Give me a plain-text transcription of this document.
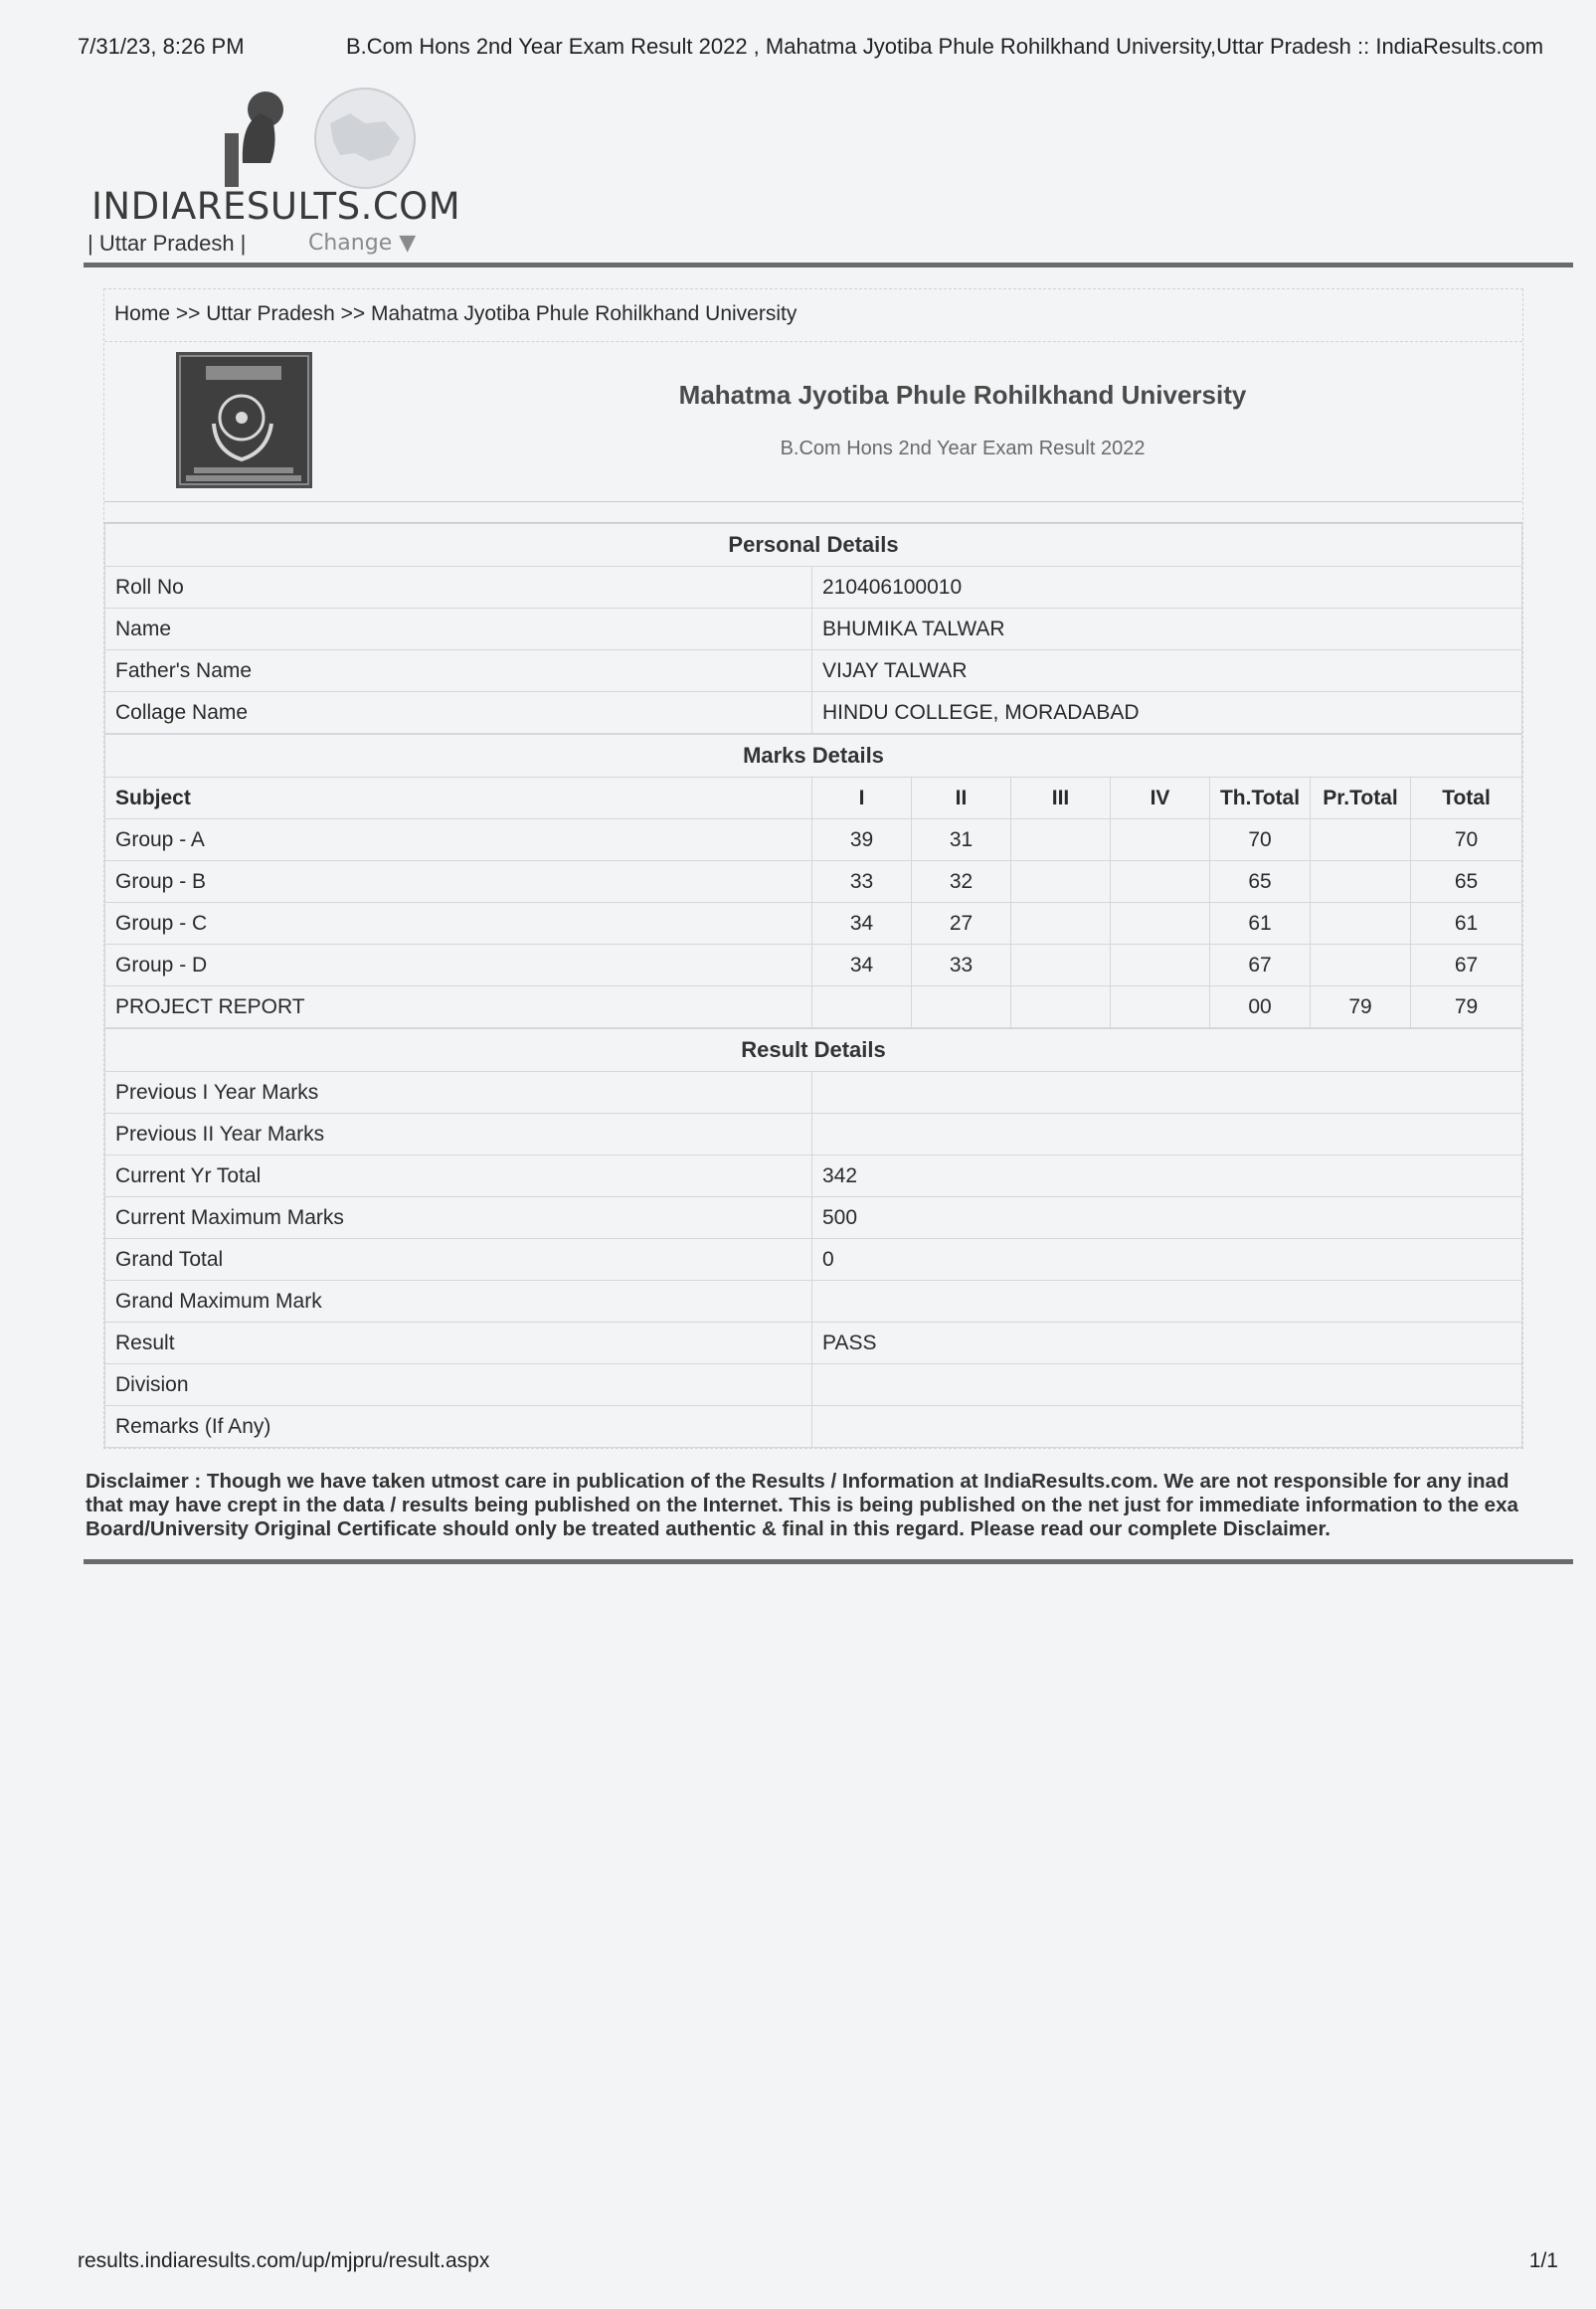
7/31/23, 8:26 PM	B.Com Hons 2nd Year Exam Result 2022 , Mahatma Jyotiba Phule Rohilkhand University,Uttar Pradesh :: IndiaResults.com
INDIARESULTS.COM
| Uttar Pradesh |	Change ▼
Home >> Uttar Pradesh >> Mahatma Jyotiba Phule Rohilkhand University
Mahatma Jyotiba Phule Rohilkhand University
B.Com Hons 2nd Year Exam Result 2022
Personal Details	
Roll No	210406100010
Name	BHUMIKA TALWAR
Father's Name	VIJAY TALWAR
Collage Name	HINDU COLLEGE, MORADABAD
Marks Details							
Subject	I	II	III	IV	Th.Total	Pr.Total	Total
Group - A	39	31			70		70
Group - B	33	32			65		65
Group - C	34	27			61		61
Group - D	34	33			67		67
PROJECT REPORT					00	79	79
Result Details	
Previous I Year Marks	
Previous II Year Marks	
Current Yr Total	342
Current Maximum Marks	500
Grand Total	0
Grand Maximum Mark	
Result	PASS
Division	
Remarks (If Any)	
Disclaimer : Though we have taken utmost care in publication of the Results / Information at IndiaResults.com. We are not responsible for any inad
that may have crept in the data / results being published on the Internet. This is being published on the net just for immediate information to the exa
Board/University Original Certificate should only be treated authentic & final in this regard. Please read our complete Disclaimer.
results.indiaresults.com/up/mjpru/result.aspx	1/1
